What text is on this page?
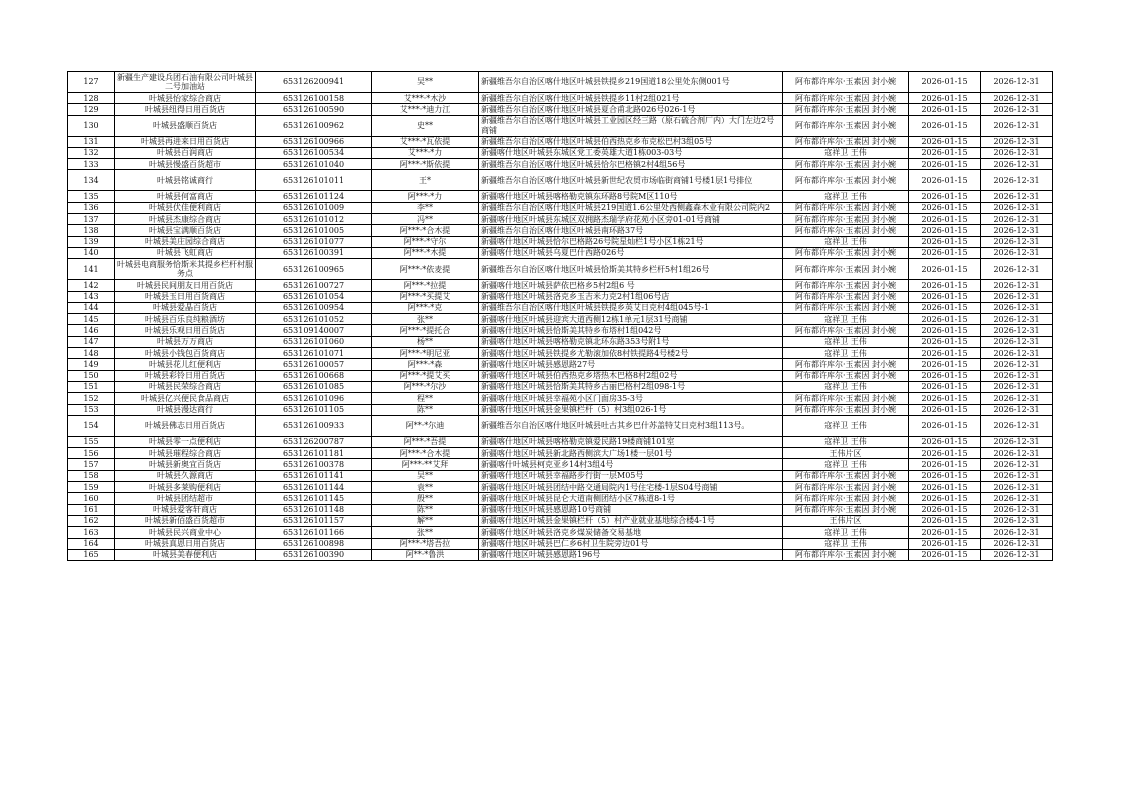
127	新疆生产建设兵团石油有限公司叶城县二号加油站	653126200941	吴**	新疆维吾尔自治区喀什地区叶城县铁提乡219国道18公里处东侧001号	阿布都许库尔·玉素因 封小婉	2026-01-15	2026-12-31
128	叶城县怡家综合商店	653126100158	艾***·*木沙	新疆维吾尔自治区喀什地区叶城县铁提乡11村2组021号	阿布都许库尔·玉素因 封小婉	2026-01-15	2026-12-31
129	叶城县纽得日用百货店	653126100590	艾***·*迪力江	新疆维吾尔自治区喀什地区叶城县夏合甫北路026号026-1号	阿布都许库尔·玉素因 封小婉	2026-01-15	2026-12-31
130	叶城县盛顺百货店	653126100962	史**	新疆维吾尔自治区喀什地区叶城县工业园区经三路（原石硫合剂厂内）大门左边2号商铺	阿布都许库尔·玉素因 封小婉	2026-01-15	2026-12-31
131	叶城县再进来日用百货店	653126100966	艾***·*瓦依提	新疆维吾尔自治区喀什地区叶城县伯西热克乡布克松巴村3组05号	阿布都许库尔·玉素因 封小婉	2026-01-15	2026-12-31
132	叶城县百润商店	653126100534	艾***·*力	新疆喀什地区叶城县东城区党工委英雄大道1栋003-03号	寇祥卫 王伟	2026-01-15	2026-12-31
133	叶城县慢盛百货超市	653126101040	阿***·*斯依提	新疆维吾尔自治区喀什地区叶城县恰尔巴格镇2村4组56号	阿布都许库尔·玉素因 封小婉	2026-01-15	2026-12-31
134	叶城县铭诚商行	653126101011	王*	新疆维吾尔自治区喀什地区叶城县新世纪农贸市场临街商铺1号楼1层1号排位	阿布都许库尔·玉素因 封小婉	2026-01-15	2026-12-31
135	叶城县何富商店	653126101124	阿***·*力	新疆喀什地区叶城县喀格勒克镇东环路8号院M区110号	寇祥卫 王伟	2026-01-15	2026-12-31
136	叶城县伏佳便利商店	653126101009	李**	新疆维吾尔自治区喀什地区叶城县219国道1.6公里处西侧鑫森木业有限公司院内2	阿布都许库尔·玉素因 封小婉	2026-01-15	2026-12-31
137	叶城县杰康综合商店	653126101012	冯**	新疆喀什地区叶城县东城区双拥路杰瑞学府花苑小区旁01-01号商铺	阿布都许库尔·玉素因 封小婉	2026-01-15	2026-12-31
138	叶城县宝满顺百货店	653126101005	阿***·*合木提	新疆维吾尔自治区喀什地区叶城县南环路37号	阿布都许库尔·玉素因 封小婉	2026-01-15	2026-12-31
139	叶城县美庄园综合商店	653126101077	阿***·*守尔	新疆喀什地区叶城县恰尔巴格路26号院星灿栏1号小区1栋21号	寇祥卫 王伟	2026-01-15	2026-12-31
140	叶城县飞虹商店	653126100391	阿***·*木提	新疆喀什地区叶城县乌夏巴什西路026号	阿布都许库尔·玉素因 封小婉	2026-01-15	2026-12-31
141	叶城县电商服务恰斯米其提乡栏杆村服务点	653126100965	阿***·*依麦提	新疆维吾尔自治区喀什地区叶城县恰斯美其特乡栏杆5村1组26号	阿布都许库尔·玉素因 封小婉	2026-01-15	2026-12-31
142	叶城县民间朋友日用百货店	653126100727	阿***·*拉提	新疆喀什地区叶城县萨依巴格乡5村2组6 号	阿布都许库尔·玉素因 封小婉	2026-01-15	2026-12-31
143	叶城县玉日用百货商店	653126101054	阿***·*买提艾	新疆喀什地区叶城县洛克乡玉吉米力克2村1组06号店	阿布都许库尔·玉素因 封小婉	2026-01-15	2026-12-31
144	叶城县爱晶百货店	653126100954	阿***·*克	新疆维吾尔自治区喀什地区叶城县铁提乡英艾日克村4组045号-1	阿布都许库尔·玉素因 封小婉	2026-01-15	2026-12-31
145	叶城县百乐良纯粮酒坊	653126101052	张**	新疆喀什地区叶城县迎宾大道西侧12栋1单元1层31号商铺	寇祥卫 王伟	2026-01-15	2026-12-31
146	叶城县乐观日用百货店	653109140007	阿***·*提托合	新疆喀什地区叶城县恰斯美其特乡布塔村1组042号	阿布都许库尔·玉素因 封小婉	2026-01-15	2026-12-31
147	叶城县万万商店	653126101060	杨**	新疆喀什地区叶城县喀格勒克镇北环东路353号附1号	寇祥卫 王伟	2026-01-15	2026-12-31
148	叶城县小钱包百货商店	653126101071	阿***·*明尼亚	新疆喀什地区叶城县铁提乡尤勒滚加依8村铁提路4号楼2号	寇祥卫 王伟	2026-01-15	2026-12-31
149	叶城县花儿红便利店	653126100057	阿***·*森	新疆喀什地区叶城县感恩路27号	阿布都许库尔·玉素因 封小婉	2026-01-15	2026-12-31
150	叶城县彩铃日用百货店	653126100668	阿***·*提艾买	新疆喀什地区叶城县伯西热克乡塔热木巴格8村2组02号	阿布都许库尔·玉素因 封小婉	2026-01-15	2026-12-31
151	叶城县民荣综合商店	653126101085	阿***·*尔沙	新疆喀什地区叶城县恰斯美其特乡古丽巴格村2组098-1号	寇祥卫 王伟	2026-01-15	2026-12-31
152	叶城县亿兴便民食品商店	653126101096	程**	新疆喀什地区叶城县幸福苑小区门面房35-3号	阿布都许库尔·玉素因 封小婉	2026-01-15	2026-12-31
153	叶城县漫达商行	653126101105	陈**	新疆喀什地区叶城县金果镇栏杆（5）村3组026-1号	阿布都许库尔·玉素因 封小婉	2026-01-15	2026-12-31
154	叶城县佛志日用百货店	653126100933	阿**·*尔迪	新疆维吾尔自治区喀什地区叶城县吐古其乡巴什苏盖特艾日克村3组113号。	寇祥卫 王伟	2026-01-15	2026-12-31
155	叶城县零一点便利店	653126200787	阿***·*吾提	新疆喀什地区叶城县喀格勒克镇爱民路19楼商铺101室	寇祥卫 王伟	2026-01-15	2026-12-31
156	叶城县璀程综合商店	653126101181	阿***·*合木提	新疆喀什地区叶城县新北路西侧滨大广场1楼一层01号	王伟片区	2026-01-15	2026-12-31
157	叶城县新奥宜百货店	653126100378	阿***·**艾拜	新疆喀什叶城县柯克亚乡14村3组4号	寇祥卫 王伟	2026-01-15	2026-12-31
158	叶城县久源商店	653126101141	吴**	新疆喀什地区叶城县幸福路步行街一层M05号	阿布都许库尔·玉素因 封小婉	2026-01-15	2026-12-31
159	叶城县多莱购便利店	653126101144	袁**	新疆喀什地区叶城县团结中路交通局院内1号住宅楼-1层S04号商铺	阿布都许库尔·玉素因 封小婉	2026-01-15	2026-12-31
160	叶城县团结超市	653126101145	殷**	新疆喀什地区叶城县昆仑大道南侧团结小区7栋道8-1号	阿布都许库尔·玉素因 封小婉	2026-01-15	2026-12-31
161	叶城县爱客轩商店	653126101148	陈**	新疆喀什地区叶城县感恩路10号商铺	阿布都许库尔·玉素因 封小婉	2026-01-15	2026-12-31
162	叶城县新佰盛百货超市	653126101157	解**	新疆喀什地区叶城县金果镇栏杆（5）村产业就业基地综合楼4-1号	王伟片区	2026-01-15	2026-12-31
163	叶城县民兴商业中心	653126101166	张**	新疆喀什地区叶城县洛克乡煤炭储备交易基地	寇祥卫 王伟	2026-01-15	2026-12-31
164	叶城县真恩日用百货店	653126100898	阿***·*塔吾拉	新疆喀什地区叶城县巴仁乡6村卫生院旁边01号	寇祥卫 王伟	2026-01-15	2026-12-31
165	叶城县美春便利店	653126100390	阿**·*鲁洪	新疆喀什地区叶城县感恩路196号	阿布都许库尔·玉素因 封小婉	2026-01-15	2026-12-31
